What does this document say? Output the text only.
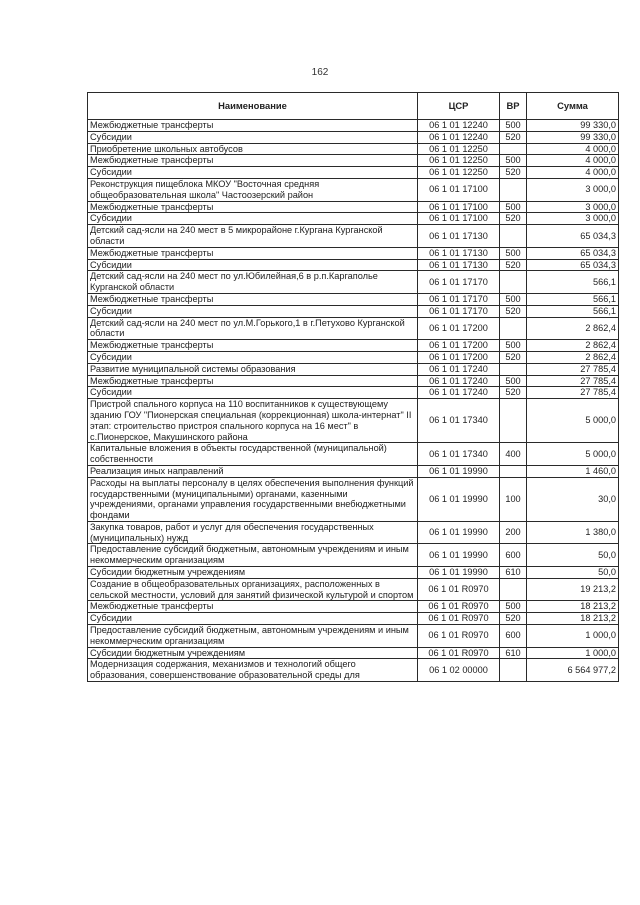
162
Наименование	ЦСР	ВР	Сумма
Межбюджетные трансферты	06 1 01 12240	500	99 330,0
Субсидии	06 1 01 12240	520	99 330,0
Приобретение школьных автобусов	06 1 01 12250		4 000,0
Межбюджетные трансферты	06 1 01 12250	500	4 000,0
Субсидии	06 1 01 12250	520	4 000,0
Реконструкция пищеблока МКОУ "Восточная средняя общеобразовательная школа" Частоозерский район	06 1 01 17100		3 000,0
Межбюджетные трансферты	06 1 01 17100	500	3 000,0
Субсидии	06 1 01 17100	520	3 000,0
Детский сад-ясли на 240 мест в 5 микрорайоне г.Кургана Курганской области	06 1 01 17130		65 034,3
Межбюджетные трансферты	06 1 01 17130	500	65 034,3
Субсидии	06 1 01 17130	520	65 034,3
Детский сад-ясли на 240 мест по ул.Юбилейная,6 в р.п.Каргаполье Курганской области	06 1 01 17170		566,1
Межбюджетные трансферты	06 1 01 17170	500	566,1
Субсидии	06 1 01 17170	520	566,1
Детский сад-ясли на 240 мест по ул.М.Горького,1 в г.Петухово Курганской области	06 1 01 17200		2 862,4
Межбюджетные трансферты	06 1 01 17200	500	2 862,4
Субсидии	06 1 01 17200	520	2 862,4
Развитие муниципальной системы образования	06 1 01 17240		27 785,4
Межбюджетные трансферты	06 1 01 17240	500	27 785,4
Субсидии	06 1 01 17240	520	27 785,4
Пристрой спального корпуса на 110 воспитанников к существующему зданию ГОУ "Пионерская специальная (коррекционная) школа-интернат" II этап: строительство пристроя спального корпуса на 16 мест" в с.Пионерское, Макушинского района	06 1 01 17340		5 000,0
Капитальные вложения в объекты государственной (муниципальной) собственности	06 1 01 17340	400	5 000,0
Реализация иных направлений	06 1 01 19990		1 460,0
Расходы на выплаты персоналу в целях обеспечения выполнения функций государственными (муниципальными) органами, казенными учреждениями, органами управления государственными внебюджетными фондами	06 1 01 19990	100	30,0
Закупка товаров, работ и услуг для обеспечения государственных (муниципальных) нужд	06 1 01 19990	200	1 380,0
Предоставление субсидий бюджетным, автономным учреждениям и иным некоммерческим организациям	06 1 01 19990	600	50,0
Субсидии бюджетным учреждениям	06 1 01 19990	610	50,0
Создание в общеобразовательных организациях, расположенных в сельской местности, условий для занятий физической культурой и спортом	06 1 01 R0970		19 213,2
Межбюджетные трансферты	06 1 01 R0970	500	18 213,2
Субсидии	06 1 01 R0970	520	18 213,2
Предоставление субсидий бюджетным, автономным учреждениям и иным некоммерческим организациям	06 1 01 R0970	600	1 000,0
Субсидии бюджетным учреждениям	06 1 01 R0970	610	1 000,0
Модернизация содержания, механизмов и технологий общего образования, совершенствование образовательной среды для	06 1 02 00000		6 564 977,2
